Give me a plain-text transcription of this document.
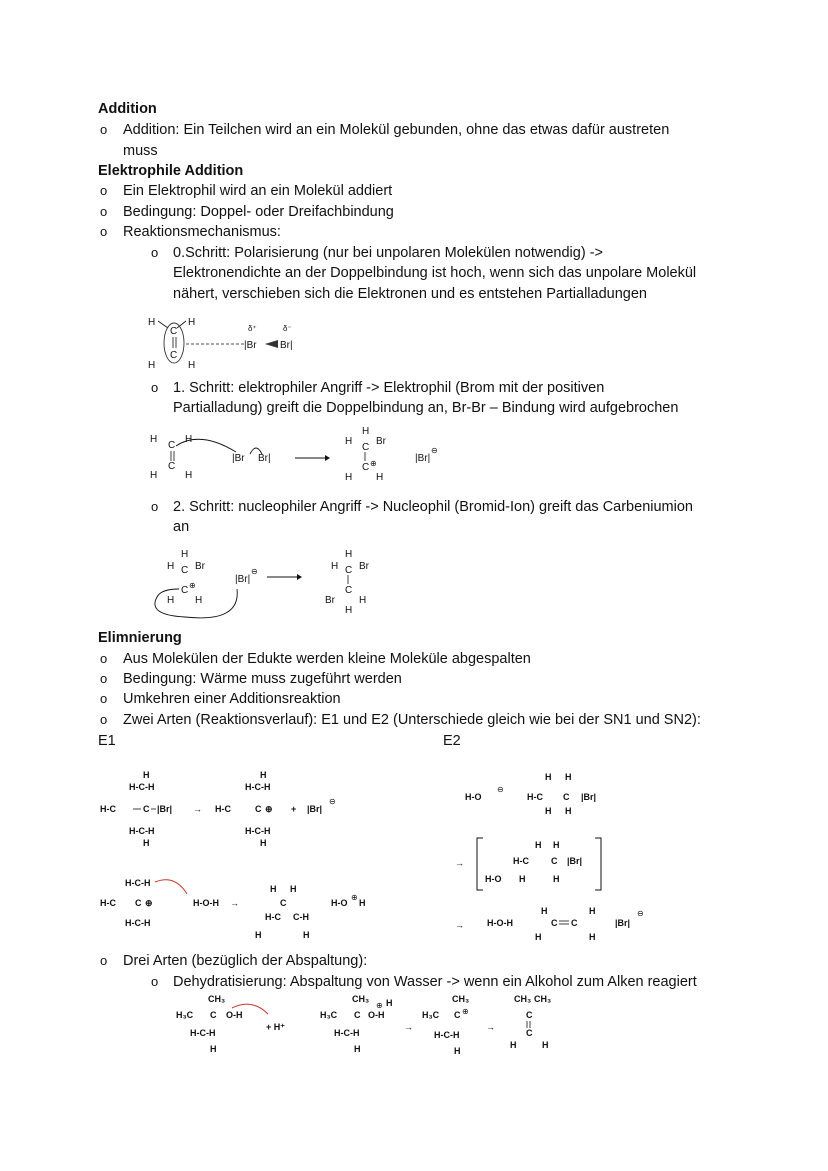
Addition
o Addition: Ein Teilchen wird an ein Molekül gebunden, ohne das etwas dafür austreten
muss
Elektrophile Addition
o Ein Elektrophil wird an ein Molekül addiert
o Bedingung: Doppel- oder Dreifachbindung
o Reaktionsmechanismus:
o 0.Schritt: Polarisierung (nur bei unpolaren Molekülen notwendig) ->
Elektronendichte an der Doppelbindung ist hoch, wenn sich das unpolare Molekül
nähert, verschieben sich die Elektronen und es entstehen Partialladungen
H	H
C
C
H	H
δ⁺	δ⁻
|Br Br|
o 1. Schritt: elektrophiler Angriff -> Elektrophil (Brom mit der positiven
Partialladung) greift die Doppelbindung an, Br-Br – Bindung wird aufgebrochen
H	H
C
C
H	H
|Br Br|
H
H
C
Br
C ⊕
H H
|Br|
⊖
o 2. Schritt: nucleophiler Angriff -> Nucleophil (Bromid-Ion) greift das Carbeniumion
an
H
H C Br
C ⊕
H H
|Br|
⊖
H
H C Br
C
Br H
H
Elimnierung
o Aus Molekülen der Edukte werden kleine Moleküle abgespalten
o Bedingung: Wärme muss zugeführt werden
o Umkehren einer Additionsreaktion
o Zwei Arten (Reaktionsverlauf): E1 und E2 (Unterschiede gleich wie bei der SN1 und SN2):
E1	E2
H
H-C-H
H-C	C |Br|
H-C-H
H
→
H
H-C-H
H-C	C ⊕
H-C-H
H
+ |Br|
⊖
H-C-H
H-C C ⊕
H-C-H
H-O-H →
H H
C
H-C C-H
H	H
H-O
⊕
H
H-O
⊖
H H
H-C C |Br|
H H
→
H H
H-C C |Br|
H-O H	H
→	H-O-H
H
C C
H
H	H
|Br|
⊖
o Drei Arten (bezüglich der Abspaltung):
o Dehydratisierung: Abspaltung von Wasser -> wenn ein Alkohol zum Alken reagiert
CH₃
H₃C C O-H
H-C-H
H
+ H⁺
CH₃
H₃C C O-H
⊕ H
H-C-H
H
→
CH₃
H₃C C ⊕
H-C-H
H
→
CH₃ CH₃
C
C
H	H
